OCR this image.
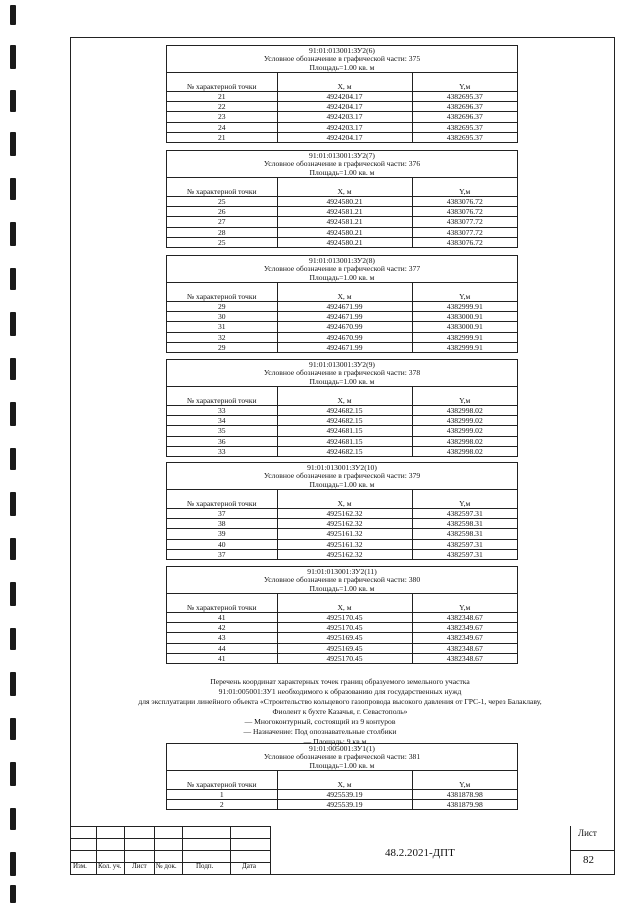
91:01:013001:ЗУ2(6)
Условное обозначение в графической части: 375
Площадь=1.00 кв. м
№ характерной точки	X, м	Y,м
21	4924204.17	4382695.37
22	4924204.17	4382696.37
23	4924203.17	4382696.37
24	4924203.17	4382695.37
21	4924204.17	4382695.37
91:01:013001:ЗУ2(7)
Условное обозначение в графической части: 376
Площадь=1.00 кв. м
№ характерной точки	X, м	Y,м
25	4924580.21	4383076.72
26	4924581.21	4383076.72
27	4924581.21	4383077.72
28	4924580.21	4383077.72
25	4924580.21	4383076.72
91:01:013001:ЗУ2(8)
Условное обозначение в графической части: 377
Площадь=1.00 кв. м
№ характерной точки	X, м	Y,м
29	4924671.99	4382999.91
30	4924671.99	4383000.91
31	4924670.99	4383000.91
32	4924670.99	4382999.91
29	4924671.99	4382999.91
91:01:013001:ЗУ2(9)
Условное обозначение в графической части: 378
Площадь=1.00 кв. м
№ характерной точки	X, м	Y,м
33	4924682.15	4382998.02
34	4924682.15	4382999.02
35	4924681.15	4382999.02
36	4924681.15	4382998.02
33	4924682.15	4382998.02
91:01:013001:ЗУ2(10)
Условное обозначение в графической части: 379
Площадь=1.00 кв. м
№ характерной точки	X, м	Y,м
37	4925162.32	4382597.31
38	4925162.32	4382598.31
39	4925161.32	4382598.31
40	4925161.32	4382597.31
37	4925162.32	4382597.31
91:01:013001:ЗУ2(11)
Условное обозначение в графической части: 380
Площадь=1.00 кв. м
№ характерной точки	X, м	Y,м
41	4925170.45	4382348.67
42	4925170.45	4382349.67
43	4925169.45	4382349.67
44	4925169.45	4382348.67
41	4925170.45	4382348.67
91:01:005001:ЗУ1(1)
Условное обозначение в графической части: 381
Площадь=1.00 кв. м
№ характерной точки	X, м	Y,м
1	4925539.19	4381878.98
2	4925539.19	4381879.98
Перечень координат характерных точек границ образуемого земельного участка
91:01:005001:ЗУ1 необходимого к образованию для государственных нужд
для эксплуатации линейного объекта «Строительство кольцевого газопровода высокого давления от ГРС-1, через Балаклаву,
Фиолент к бухте Казачья, г. Севастополь»
— Многоконтурный, состоящий из 9 контуров
— Назначение: Под опознавательные столбики
— Площадь: 9 кв.м
Изм. Кол. уч. Лист № док.	Подп.	Дата
48.2.2021-ДПТ
Лист
82
